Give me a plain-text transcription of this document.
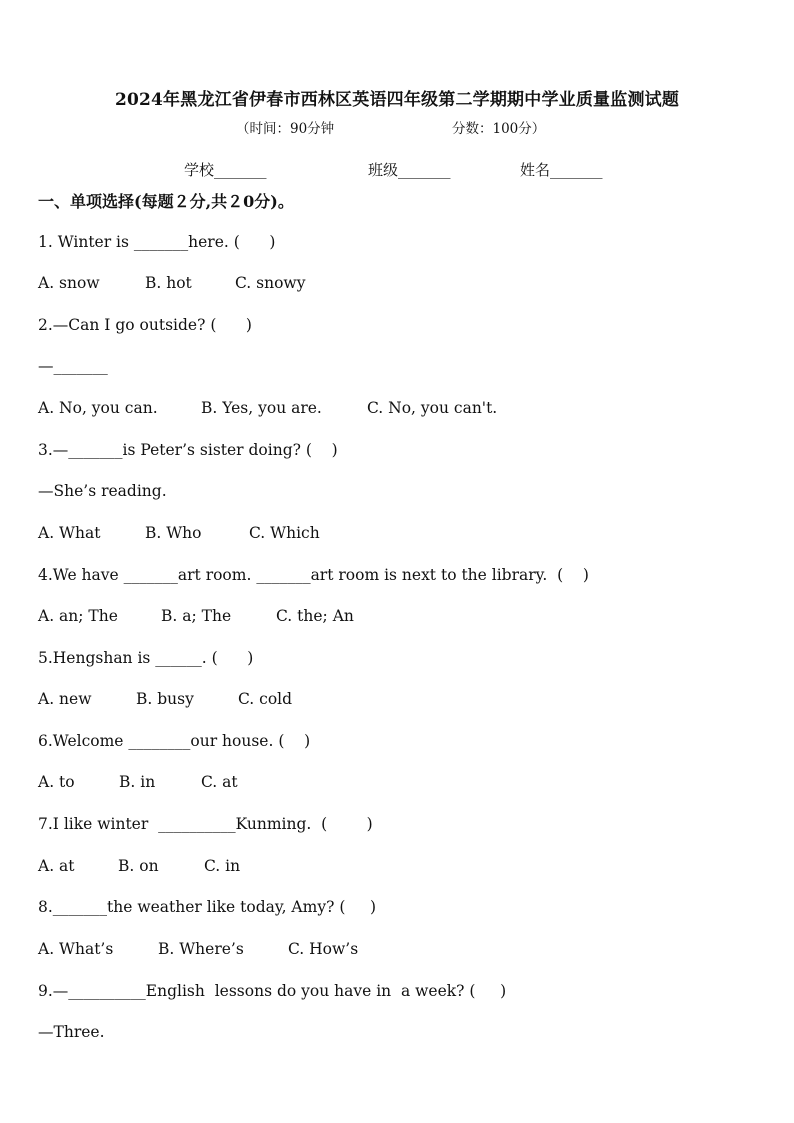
2024年黑龙江省伊春市西林区英语四年级第二学期期中学业质量监测试题
（时间：90分钟	分数：100分）
学校_______	班级_______	姓名_______
一、单项选择(每题２分,共２0分)。
1. Winter is _______here. (      )
A. snow	B. hot	C. snowy
2.—Can I go outside? (      )
—_______
A. No, you can.	B. Yes, you are.	C. No, you can't.
3.—_______is Peter’s sister doing? (    )
—She’s reading.
A. What	B. Who	C. Which
4.We have _______art room. _______art room is next to the library.  (    )
A. an; The	B. a; The	C. the; An
5.Hengshan is ______. (      )
A. new	B. busy	C. cold
6.Welcome ________our house. (    )
A. to	B. in	C. at
7.I like winter  __________Kunming.  (        )
A. at	B. on	C. in
8._______the weather like today, Amy? (     )
A. What’s	B. Where’s	C. How’s
9.—__________English  lessons do you have in  a week? (     )
—Three.
